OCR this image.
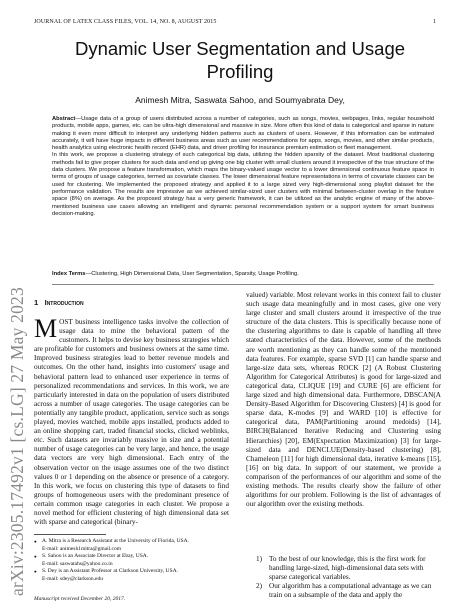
JOURNAL OF LATEX CLASS FILES, VOL. 14, NO. 8, AUGUST 2015	1
arXiv:2305.17492v1 [cs.LG] 27 May 2023
Dynamic User Segmentation and Usage
Profiling
Animesh Mitra, Saswata Sahoo, and Soumyabrata Dey,

Abstract—Usage data of a group of users distributed across a number of categories, such as songs, movies, webpages, links, regular household products, mobile apps, games, etc. can be ultra-high dimensional and massive in size. More often this kind of data is categorical and sparse in nature making it even more difficult to interpret any underlying hidden patterns such as clusters of users. However, if this information can be estimated accurately, it will have huge impacts in different business areas such as user recommendations for apps, songs, movies, and other similar products, health analytics using electronic health record (EHR) data, and driver profiling for insurance premium estimation or fleet management.

In this work, we propose a clustering strategy of such categorical big data, utilizing the hidden sparsity of the dataset. Most traditional clustering methods fail to give proper clusters for such data and end up giving one big cluster with small clusters around it irrespective of the true structure of the data clusters. We propose a feature transformation, which maps the binary-valued usage vector to a lower dimensional continuous feature space in terms of groups of usage categories, termed as covariate classes. The lower dimensional feature representations in terms of covariate classes can be used for clustering. We implemented the proposed strategy and applied it to a large sized very high-dimensional song playlist dataset for the performance validation. The results are impressive as we achieved similar-sized user clusters with minimal between-cluster overlap in the feature space (8%) on average. As the proposed strategy has a very generic framework, it can be utilized as the analytic engine of many of the above-mentioned business use cases allowing an intelligent and dynamic personal recommendation system or a support system for smart business decision-making.

Index Terms—Clustering, High Dimensional Data, User Segmentation, Sparsity, Usage Profiling.
1 Introduction

MOST business intelligence tasks involve the collection of usage data to mine the behavioral pattern of the customers. It helps to devise key business strategies which are profitable for customers and business owners at the same time. Improved business strategies lead to better revenue models and outcomes. On the other hand, insights into customers' usage and behavioral pattern lead to enhanced user experience in terms of personalized recommendations and services. In this work, we are particularly interested in data on the population of users distributed across a number of usage categories. The usage categories can be potentially any tangible product, application, service such as songs played, movies watched, mobile apps installed, products added to an online shopping cart, traded financial stocks, clicked weblinks, etc. Such datasets are invariably massive in size and a potential number of usage categories can be very large, and hence, the usage data vectors are very high dimensional. Each entry of the observation vector on the usage assumes one of the two distinct values 0 or 1 depending on the absence or presence of a category. In this work, we focus on clustering this type of datasets to find groups of homogeneous users with the predominant presence of certain common usage categories in each cluster. We propose a novel method for efficient clustering of high dimensional data set with sparse and categorical (binary-

● A. Mitra is a Research Assistant at the University of Florida, USA.
E-mail: animesh1mitra@gmail.com
● S. Sahoo is an Associate Director at Ebay, USA.
E-mail: saswatahs@yahoo.co.in
● S. Dey is an Assistant Professor at Clarkson University, USA.
E-mail: sdey@clarkson.edu
Manuscript received December 20, 2017.

valued) variable. Most relevant works in this context fail to cluster such usage data meaningfully and in most cases, give one very large cluster and small clusters around it irrespective of the true structure of the data clusters. This is specifically because none of the clustering algorithms to date is capable of handling all three stated characteristics of the data. However, some of the methods are worth mentioning as they can handle some of the mentioned data features. For example, sparse SVD [1] can handle sparse and large-size data sets, whereas ROCK [2] (A Robust Clustering Algorithm for Categorical Attributes) is good for large-sized and categorical data, CLIQUE [19] and CURE [6] are efficient for large sized and high dimensional data. Furthermore, DBSCAN(A Density-Based Algorithm for Discovering Clusters) [4] is good for sparse data, K-modes [9] and WARD [10] is effective for categorical data, PAM(Partitioning around medoids) [14], BIRCH(Balanced Iterative Reducing and Clustering using Hierarchies) [20], EM(Expectation Maximization) [3] for large-sized data and DENCLUE(Density-based clustering) [8], Chameleon [11] for high dimensional data, iterative k-means [15], [16] on big data. In support of our statement, we provide a comparison of the performances of our algorithm and some of the existing methods. The results clearly show the failure of other algorithms for our problem. Following is the list of advantages of our algorithm over the existing methods.

1) To the best of our knowledge, this is the first work for handling large-sized, high-dimensional data sets with sparse categorical variables.
2) Our algorithm has a computational advantage as we can train on a subsample of the data and apply the
